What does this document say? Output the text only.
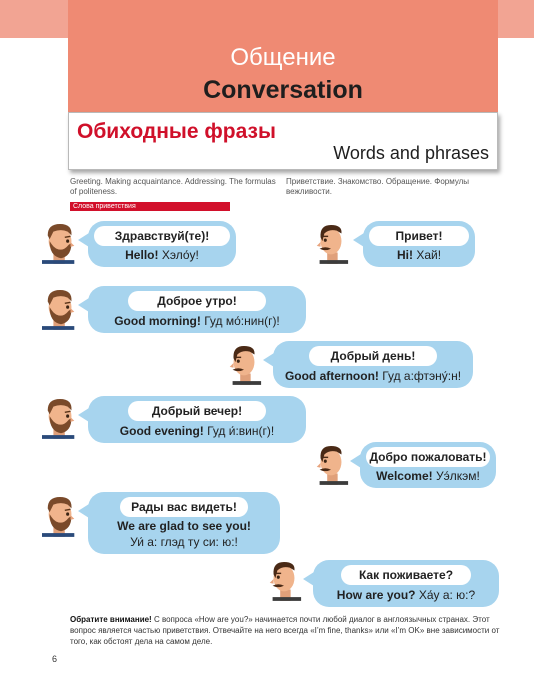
Общение
Conversation
Обиходные фразы
Words and phrases
Greeting. Making acquaintance. Addressing. The formulas of politeness.
Приветствие. Знакомство. Обращение. Формулы вежливости.
Слова приветствия
Здравствуй(те)!
Hello! Хэло́у!
Привет!
Hi! Хай!
Доброе утро!
Good morning! Гуд мо́:нин(г)!
Добрый день!
Good afternoon! Гуд а:фтэну́:н!
Добрый вечер!
Good evening! Гуд и́:вин(г)!
Добро пожаловать!
Welcome! Уэ́лкэм!
Рады вас видеть!
We are glad to see you!
Уи́ а: глэд ту си: ю:!
Как поживаете?
How are you? Ха́у а: ю:?
Обратите внимание! С вопроса «How are you?» начинается почти любой диалог в англоязычных странах. Этот вопрос является частью приветствия. Отвечайте на него всегда «I’m fine, thanks» или «I’m OK» вне зависимости от того, как обстоят дела на самом деле.
6
